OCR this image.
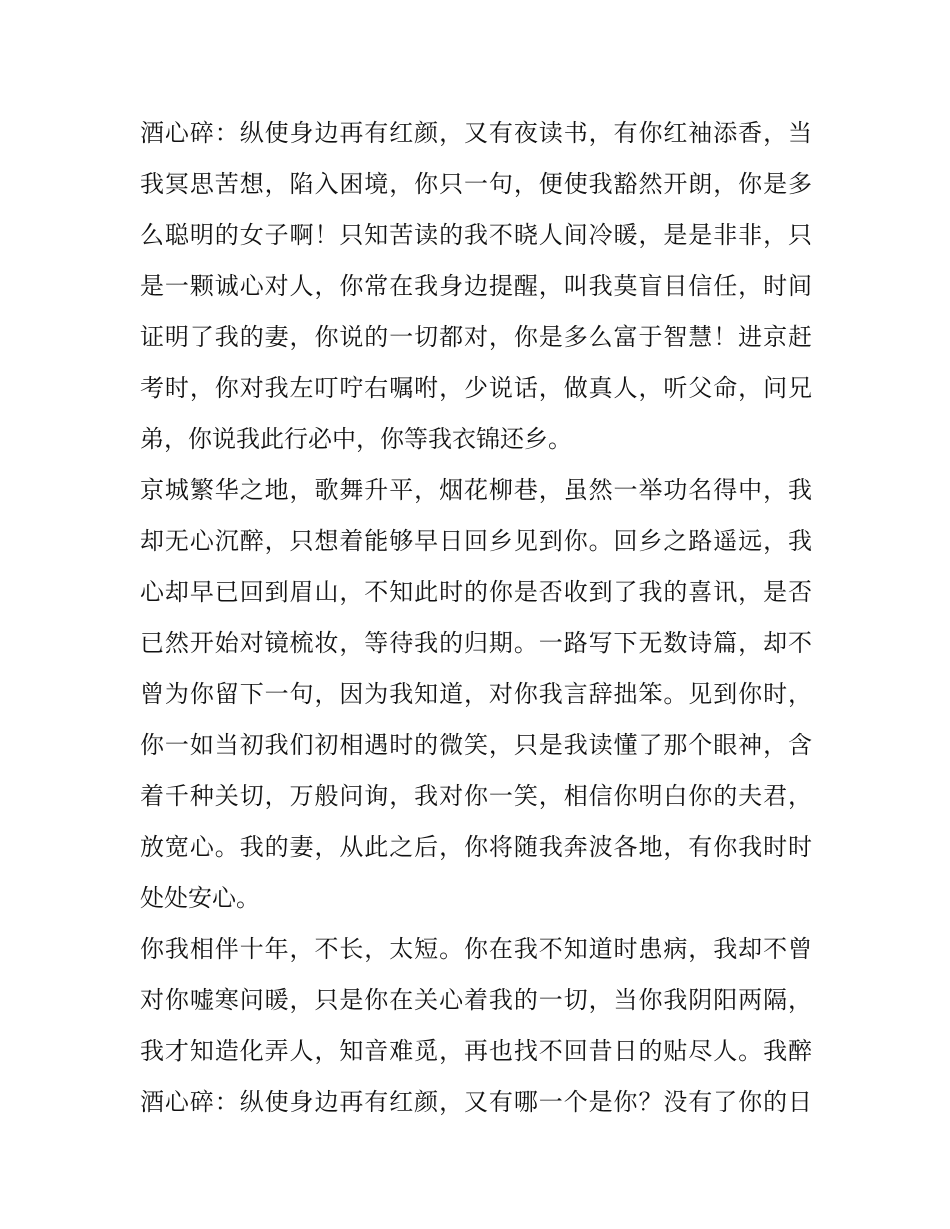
酒心碎：纵使身边再有红颜，又有夜读书，有你红袖添香，当
我冥思苦想，陷入困境，你只一句，便使我豁然开朗，你是多
么聪明的女子啊！只知苦读的我不晓人间冷暖，是是非非，只
是一颗诚心对人，你常在我身边提醒，叫我莫盲目信任，时间
证明了我的妻，你说的一切都对，你是多么富于智慧！进京赶
考时，你对我左叮咛右嘱咐，少说话，做真人，听父命，问兄
弟，你说我此行必中，你等我衣锦还乡。
京城繁华之地，歌舞升平，烟花柳巷，虽然一举功名得中，我
却无心沉醉，只想着能够早日回乡见到你。回乡之路遥远，我
心却早已回到眉山，不知此时的你是否收到了我的喜讯，是否
已然开始对镜梳妆，等待我的归期。一路写下无数诗篇，却不
曾为你留下一句，因为我知道，对你我言辞拙笨。见到你时，
你一如当初我们初相遇时的微笑，只是我读懂了那个眼神，含
着千种关切，万般问询，我对你一笑，相信你明白你的夫君，
放宽心。我的妻，从此之后，你将随我奔波各地，有你我时时
处处安心。
你我相伴十年，不长，太短。你在我不知道时患病，我却不曾
对你嘘寒问暖，只是你在关心着我的一切，当你我阴阳两隔，
我才知造化弄人，知音难觅，再也找不回昔日的贴尽人。我醉
酒心碎：纵使身边再有红颜，又有哪一个是你？没有了你的日
